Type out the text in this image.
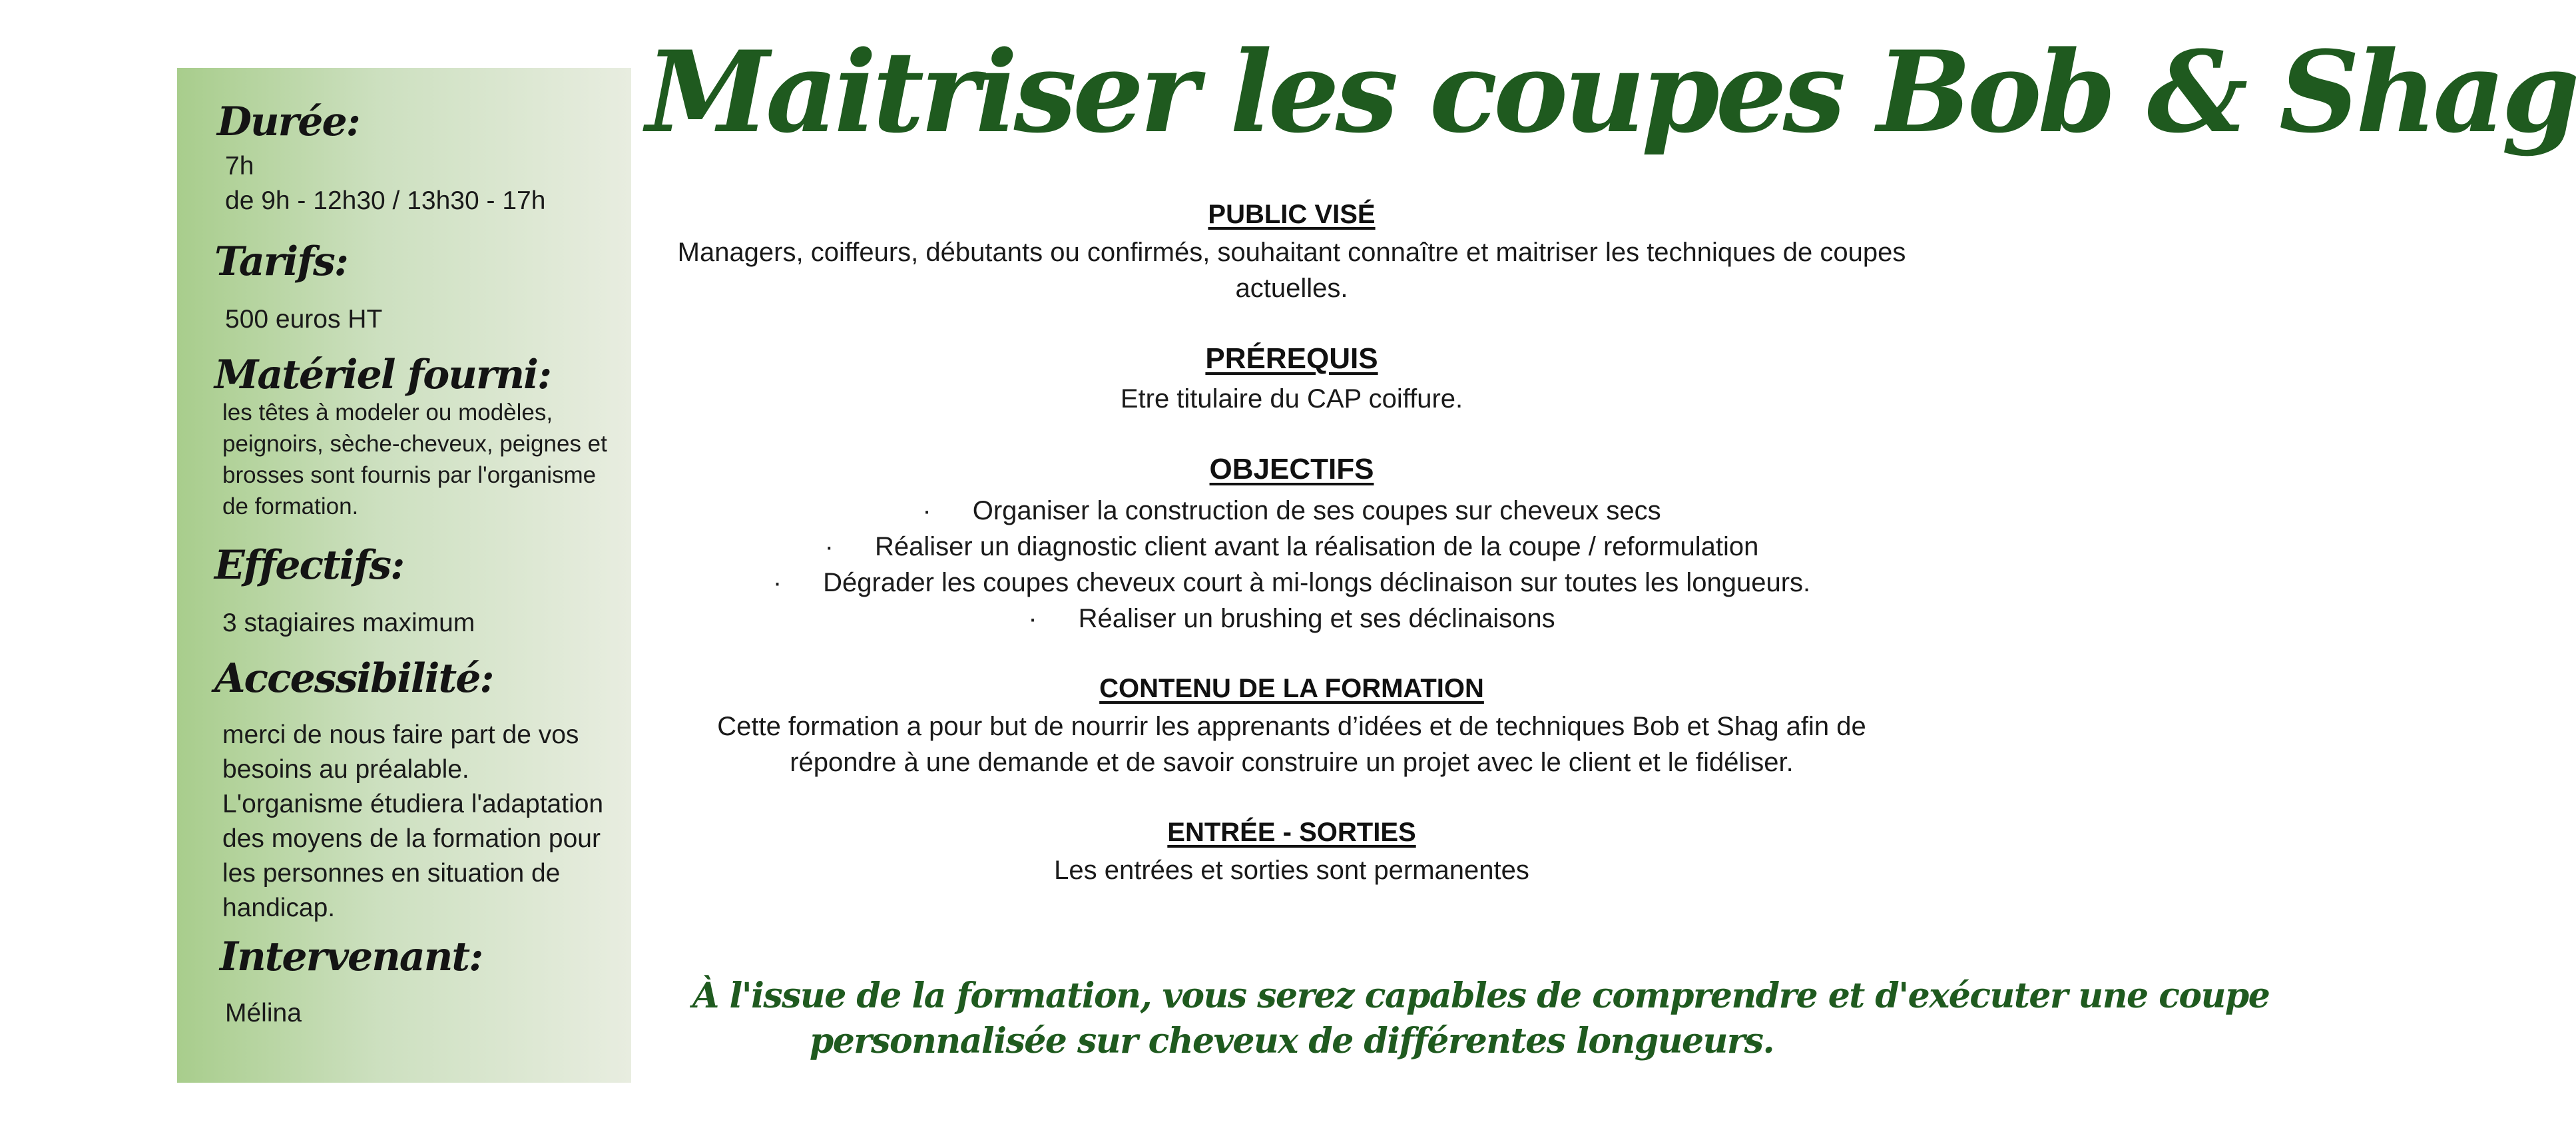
Durée:
7h
de 9h - 12h30 / 13h30 - 17h
Tarifs:
500 euros HT
Matériel fourni:
les têtes à modeler ou modèles,
peignoirs, sèche-cheveux, peignes et
brosses sont fournis par l'organisme
de formation.
Effectifs:
3 stagiaires maximum
Accessibilité:
merci de nous faire part de vos
besoins au préalable.
L'organisme étudiera l'adaptation
des moyens de la formation pour
les personnes en situation de
handicap.
Intervenant:
Mélina
Maitriser les coupes Bob & Shag
PUBLIC VISÉ
Managers, coiffeurs, débutants ou confirmés, souhaitant connaître et maitriser les techniques de coupes
actuelles.
PRÉREQUIS
Etre titulaire du CAP coiffure.
OBJECTIFS
· Organiser la construction de ses coupes sur cheveux secs
· Réaliser un diagnostic client avant la réalisation de la coupe / reformulation
· Dégrader les coupes cheveux court à mi-longs déclinaison sur toutes les longueurs.
· Réaliser un brushing et ses déclinaisons
CONTENU DE LA FORMATION
Cette formation a pour but de nourrir les apprenants d’idées et de techniques Bob et Shag afin de
répondre à une demande et de savoir construire un projet avec le client et le fidéliser.
ENTRÉE - SORTIES
Les entrées et sorties sont permanentes
À l'issue de la formation, vous serez capables de comprendre et d'exécuter une coupe
personnalisée sur cheveux de différentes longueurs.
